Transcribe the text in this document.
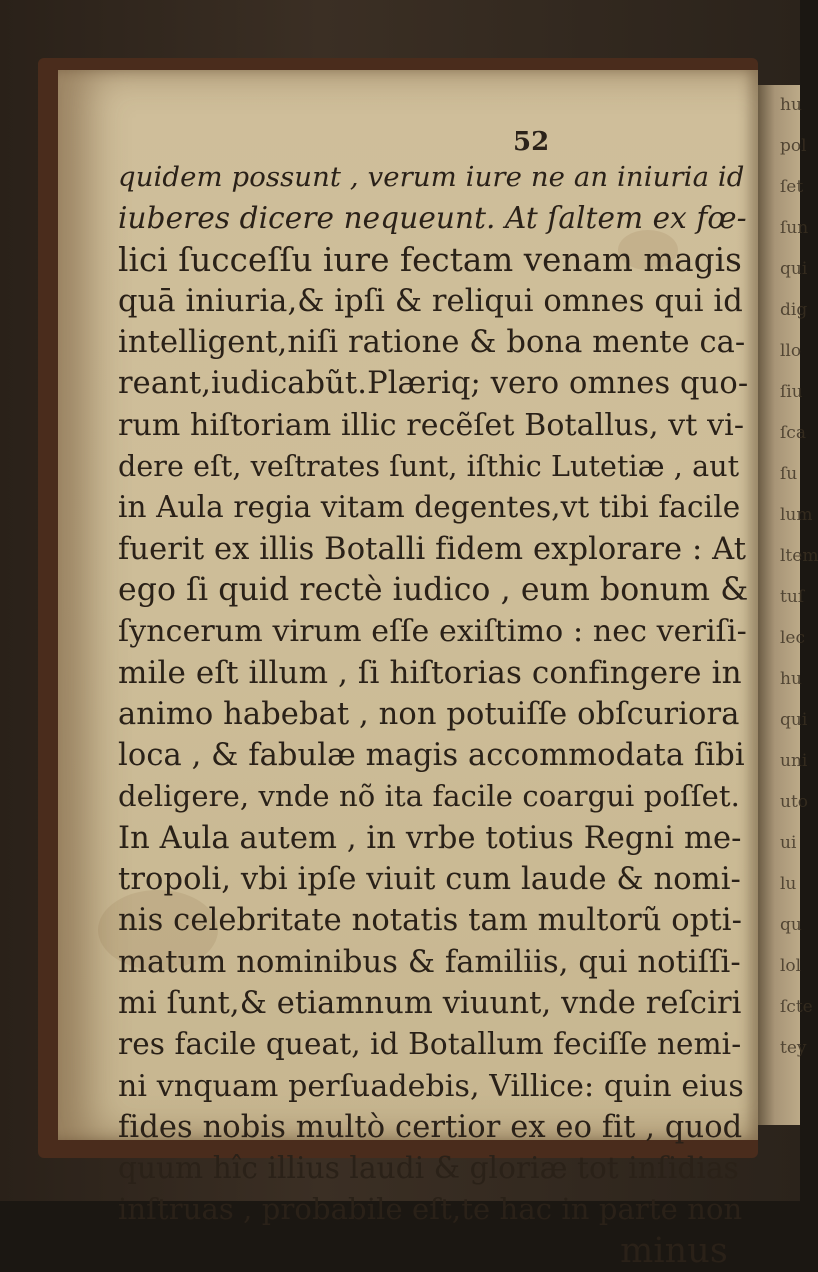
hu
pol
ſet
ſun
qui
dig
llo
ſiu
ſca
ſu
lum
ltem
tuſ
lec
hu
qui
uni
uto
ui
lu
qu
lol
ſcte
tey
52
quidem possunt , verum iure ne an iniuria id
iuberes dicere nequeunt. At ſaltem ex fœ-
lici ſucceſſu iure fectam venam magis
quā iniuria,& ipſi & reliqui omnes qui id
intelligent,niſi ratione & bona mente ca-
reant,iudicabũt.Plæriq; vero omnes quo-
rum hiſtoriam illic recẽſet Botallus, vt vi-
dere eſt, veſtrates ſunt, iſthic Lutetiæ , aut
in Aula regia vitam degentes,vt tibi facile
fuerit ex illis Botalli fidem explorare : At
ego ſi quid rectè iudico , eum bonum &
ſyncerum virum eſſe exiſtimo : nec veriſi-
mile eſt illum , ſi hiſtorias confingere in
animo habebat , non potuiſſe obſcuriora
loca , & fabulæ magis accommodata ſibi
deligere, vnde nõ ita facile coargui poſſet.
In Aula autem , in vrbe totius Regni me-
tropoli, vbi ipſe viuit cum laude & nomi-
nis celebritate notatis tam multorũ opti-
matum nominibus & familiis, qui notiſſi-
mi ſunt,& etiamnum viuunt, vnde reſciri
res facile queat, id Botallum feciſſe nemi-
ni vnquam perſuadebis, Villice: quin eius
fides nobis multò certior ex eo fit , quod
quum hîc illius laudi & gloriæ tot inſidias
inſtruas , probabile eſt,te hac in parte non
minus
